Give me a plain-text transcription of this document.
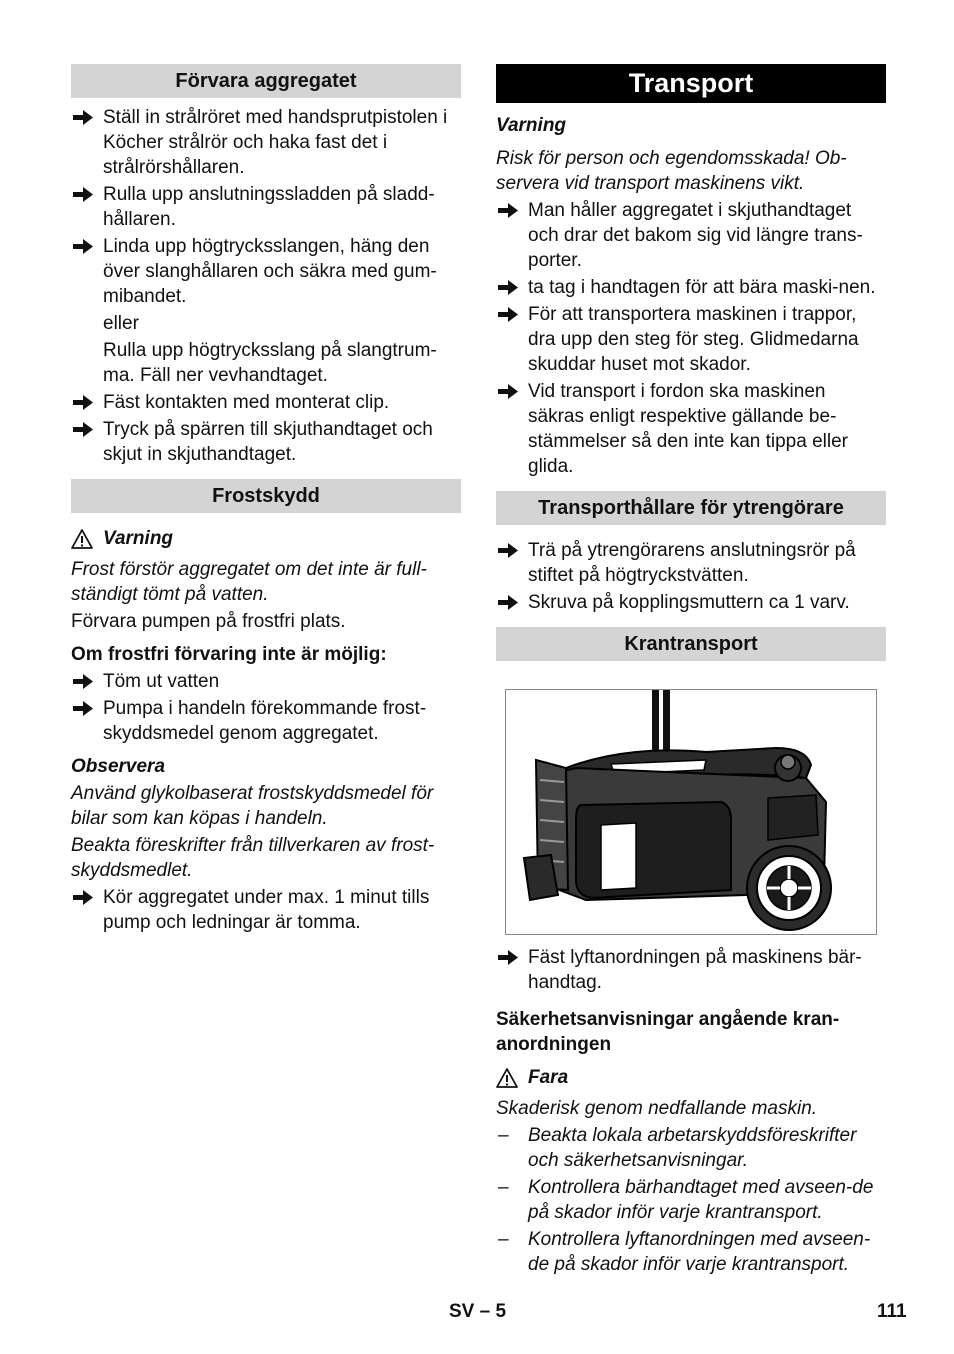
Förvara aggregatet
Ställ in strålröret med handsprutpistolen i Köcher strålrör och haka fast det i strålrörshållaren.
Rulla upp anslutningssladden på sladd-hållaren.
Linda upp högtrycksslangen, häng den över slanghållaren och säkra med gum-mibandet.
eller
Rulla upp högtrycksslang på slangtrum-ma. Fäll ner vevhandtaget.
Fäst kontakten med monterat clip.
Tryck på spärren till skjuthandtaget och skjut in skjuthandtaget.
Frostskydd
Varning
Frost förstör aggregatet om det inte är full-ständigt tömt på vatten.
Förvara pumpen på frostfri plats.
Om frostfri förvaring inte är möjlig:
Töm ut vatten
Pumpa i handeln förekommande frost-skyddsmedel genom aggregatet.
Observera
Använd glykolbaserat frostskyddsmedel för bilar som kan köpas i handeln.
Beakta föreskrifter från tillverkaren av frost-skyddsmedlet.
Kör aggregatet under max. 1 minut tills pump och ledningar är tomma.
Transport
Varning
Risk för person och egendomsskada! Ob-servera vid transport maskinens vikt.
Man håller aggregatet i skjuthandtaget och drar det bakom sig vid längre trans-porter.
ta tag i handtagen för att bära maski-nen.
För att transportera maskinen i trappor, dra upp den steg för steg. Glidmedarna skuddar huset mot skador.
Vid transport i fordon ska maskinen säkras enligt respektive gällande be-stämmelser så den inte kan tippa eller glida.
Transporthållare för ytrengörare
Trä på ytrengörarens anslutningsrör på stiftet på högtryckstvätten.
Skruva på kopplingsmuttern ca 1 varv.
Krantransport
Fäst lyftanordningen på maskinens bär-handtag.
Säkerhetsanvisningar angående kran-anordningen
Fara
Skaderisk genom nedfallande maskin.
– Beakta lokala arbetarskyddsföreskrifter och säkerhetsanvisningar.
– Kontrollera bärhandtaget med avseen-de på skador inför varje krantransport.
– Kontrollera lyftanordningen med avseen-de på skador inför varje krantransport.
SV – 5	111
